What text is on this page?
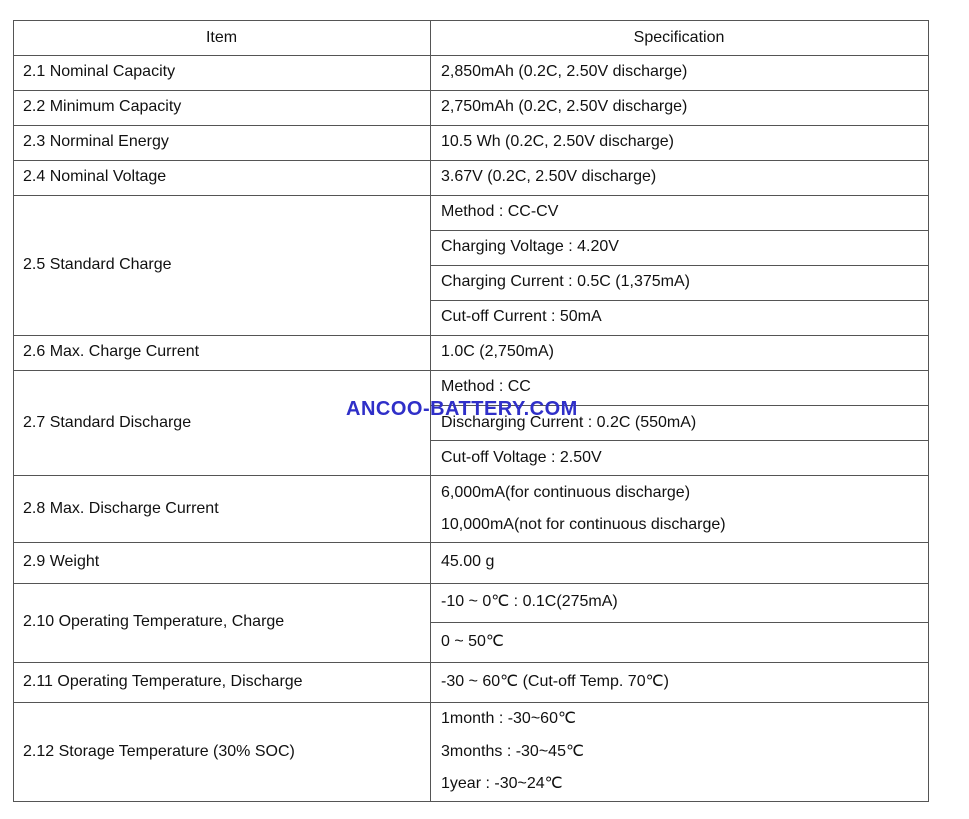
Item	Specification
2.1 Nominal Capacity
2.2 Minimum Capacity
2.3 Norminal Energy
2.4 Nominal Voltage
2.5 Standard Charge
2.6 Max. Charge Current
2.7 Standard Discharge
2.8 Max. Discharge Current
2.9 Weight
2.10 Operating Temperature, Charge
2.11 Operating Temperature, Discharge
2.12 Storage Temperature (30% SOC)
2,850mAh (0.2C, 2.50V discharge)
2,750mAh (0.2C, 2.50V discharge)
10.5 Wh (0.2C, 2.50V discharge)
3.67V (0.2C, 2.50V discharge)
Method : CC-CV
Charging Voltage : 4.20V
Charging Current : 0.5C (1,375mA)
Cut-off Current : 50mA
1.0C (2,750mA)
Method : CC
Discharging Current : 0.2C (550mA)
Cut-off Voltage : 2.50V
6,000mA(for continuous discharge)
10,000mA(not for continuous discharge)
45.00 g
-10 ~ 0℃ : 0.1C(275mA)
0 ~ 50℃
-30 ~ 60℃ (Cut-off Temp. 70℃)
1month : -30~60℃
3months : -30~45℃
1year : -30~24℃
ANCOO-BATTERY.COM
